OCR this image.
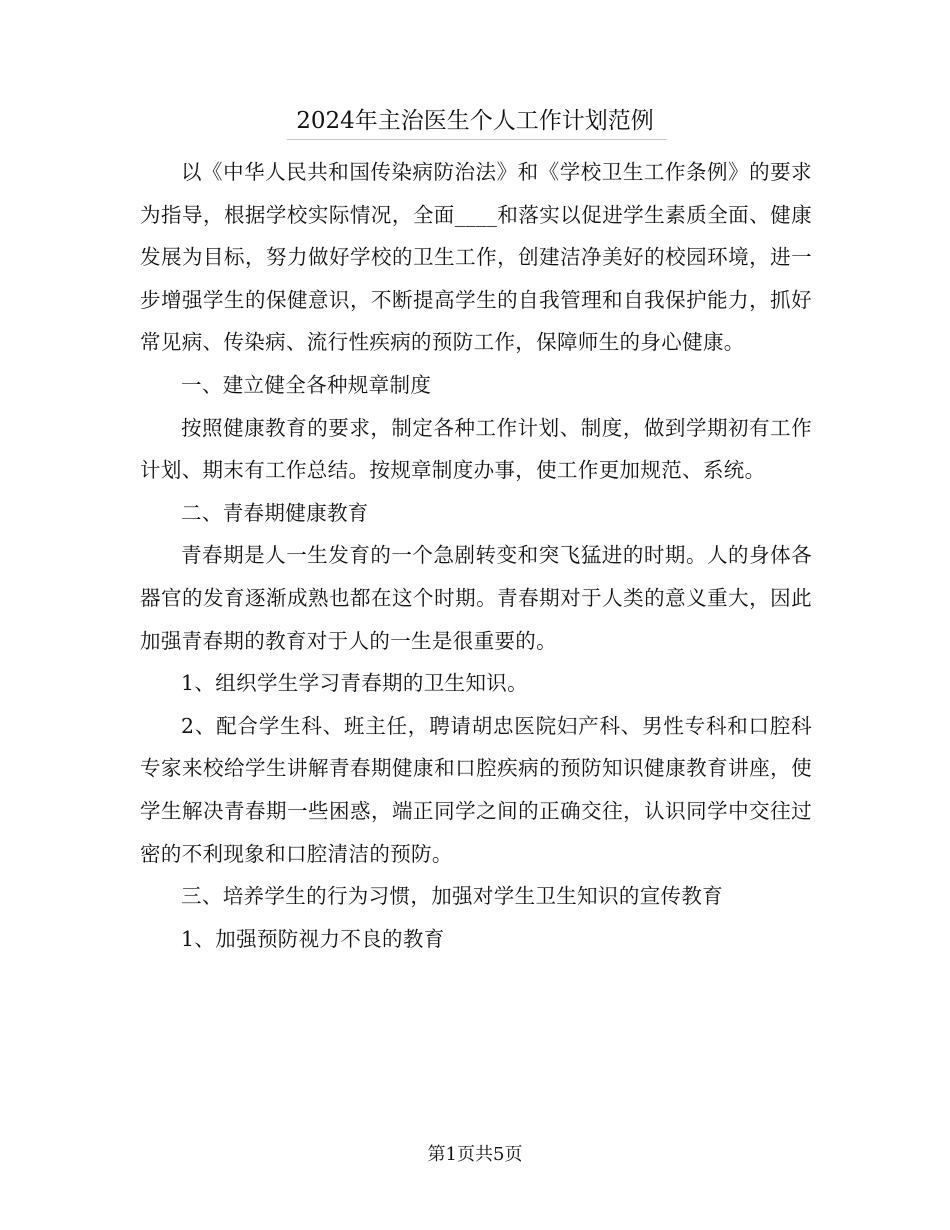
2024年主治医生个人工作计划范例

以《中华人民共和国传染病防治法》和《学校卫生工作条例》的要求为指导，根据学校实际情况，全面____和落实以促进学生素质全面、健康发展为目标，努力做好学校的卫生工作，创建洁净美好的校园环境，进一步增强学生的保健意识，不断提高学生的自我管理和自我保护能力，抓好常见病、传染病、流行性疾病的预防工作，保障师生的身心健康。

一、建立健全各种规章制度

按照健康教育的要求，制定各种工作计划、制度，做到学期初有工作计划、期末有工作总结。按规章制度办事，使工作更加规范、系统。

二、青春期健康教育

青春期是人一生发育的一个急剧转变和突飞猛进的时期。人的身体各器官的发育逐渐成熟也都在这个时期。青春期对于人类的意义重大，因此加强青春期的教育对于人的一生是很重要的。

1、组织学生学习青春期的卫生知识。

2、配合学生科、班主任，聘请胡忠医院妇产科、男性专科和口腔科专家来校给学生讲解青春期健康和口腔疾病的预防知识健康教育讲座，使学生解决青春期一些困惑，端正同学之间的正确交往，认识同学中交往过密的不利现象和口腔清洁的预防。

三、培养学生的行为习惯，加强对学生卫生知识的宣传教育

1、加强预防视力不良的教育

第1页共5页
